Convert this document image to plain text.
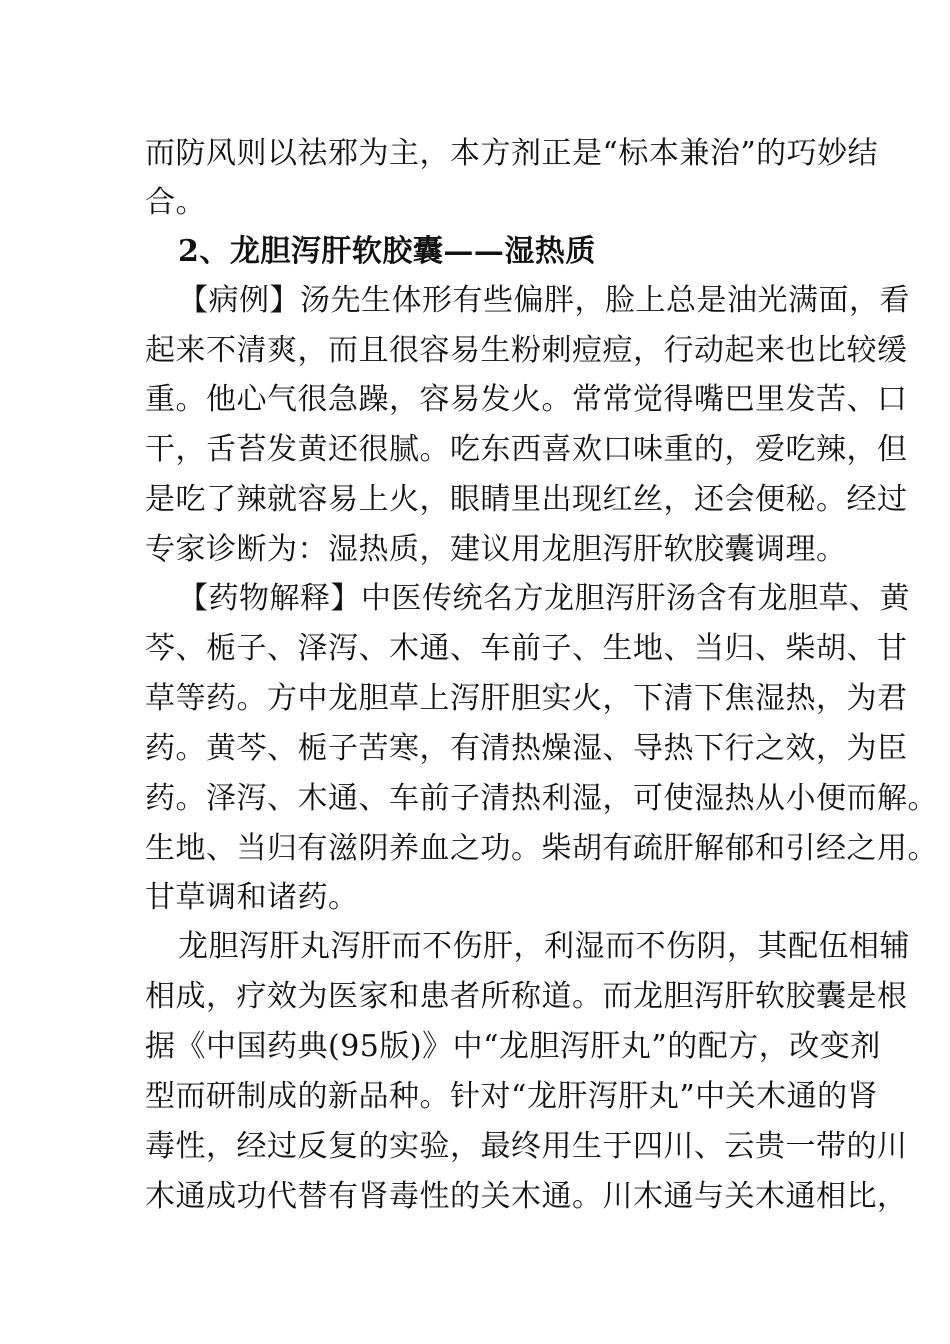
而防风则以祛邪为主，本方剂正是“标本兼治”的巧妙结
合。
2、龙胆泻肝软胶囊——湿热质
【病例】汤先生体形有些偏胖，脸上总是油光满面，看
起来不清爽，而且很容易生粉刺痘痘，行动起来也比较缓
重。他心气很急躁，容易发火。常常觉得嘴巴里发苦、口
干，舌苔发黄还很腻。吃东西喜欢口味重的，爱吃辣，但
是吃了辣就容易上火，眼睛里出现红丝，还会便秘。经过
专家诊断为：湿热质，建议用龙胆泻肝软胶囊调理。
【药物解释】中医传统名方龙胆泻肝汤含有龙胆草、黄
芩、栀子、泽泻、木通、车前子、生地、当归、柴胡、甘
草等药。方中龙胆草上泻肝胆实火，下清下焦湿热，为君
药。黄芩、栀子苦寒，有清热燥湿、导热下行之效，为臣
药。泽泻、木通、车前子清热利湿，可使湿热从小便而解。
生地、当归有滋阴养血之功。柴胡有疏肝解郁和引经之用。
甘草调和诸药。
龙胆泻肝丸泻肝而不伤肝，利湿而不伤阴，其配伍相辅
相成，疗效为医家和患者所称道。而龙胆泻肝软胶囊是根
据《中国药典(95版)》中“龙胆泻肝丸”的配方，改变剂
型而研制成的新品种。针对“龙肝泻肝丸”中关木通的肾
毒性，经过反复的实验，最终用生于四川、云贵一带的川
木通成功代替有肾毒性的关木通。川木通与关木通相比，
